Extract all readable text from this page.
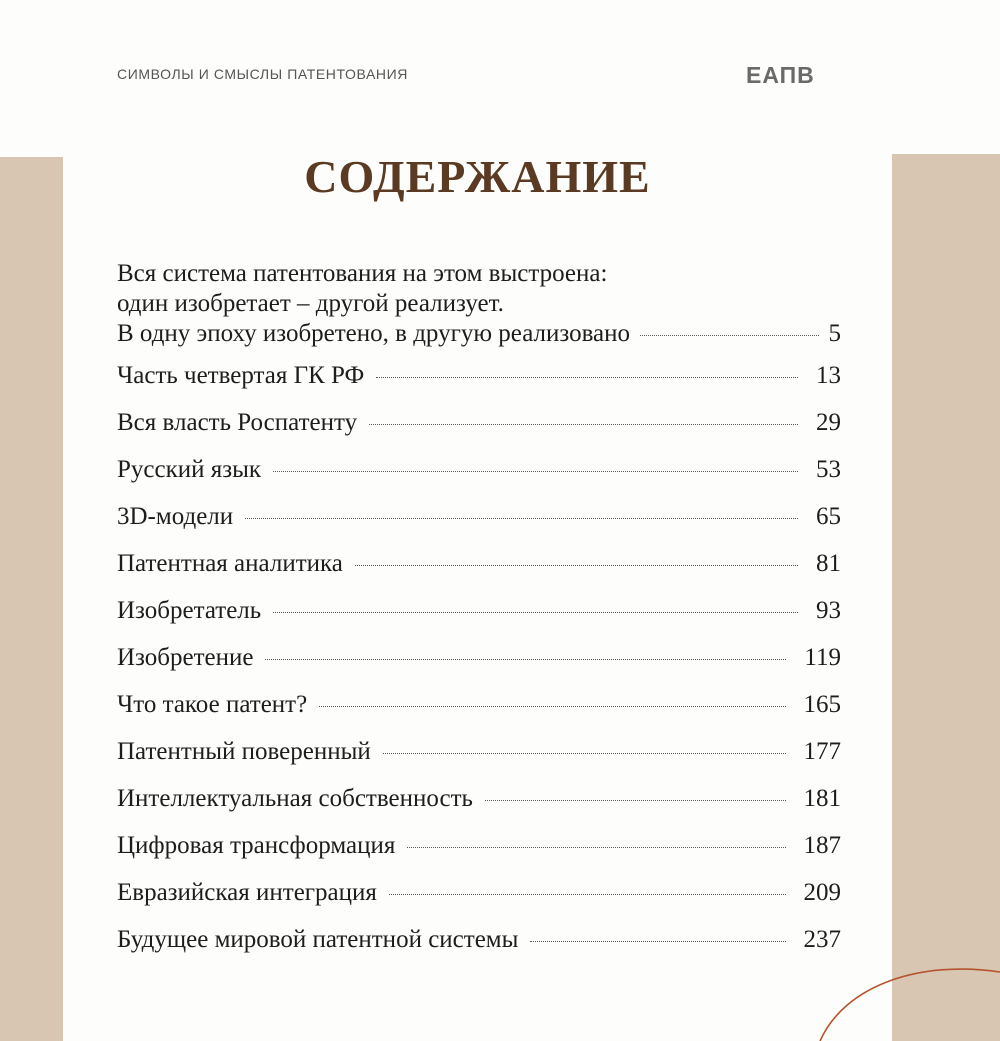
СИМВОЛЫ И СМЫСЛЫ ПАТЕНТОВАНИЯ	ЕАПВ
СОДЕРЖАНИЕ
Вся система патентования на этом выстроена:
один изобретает – другой реализует.
В одну эпоху изобретено, в другую реализовано	5
Часть четвертая ГК РФ	13
Вся власть Роспатенту	29
Русский язык	53
3D-модели	65
Патентная аналитика	81
Изобретатель	93
Изобретение	119
Что такое патент?	165
Патентный поверенный	177
Интеллектуальная собственность	181
Цифровая трансформация	187
Евразийская интеграция	209
Будущее мировой патентной системы	237
